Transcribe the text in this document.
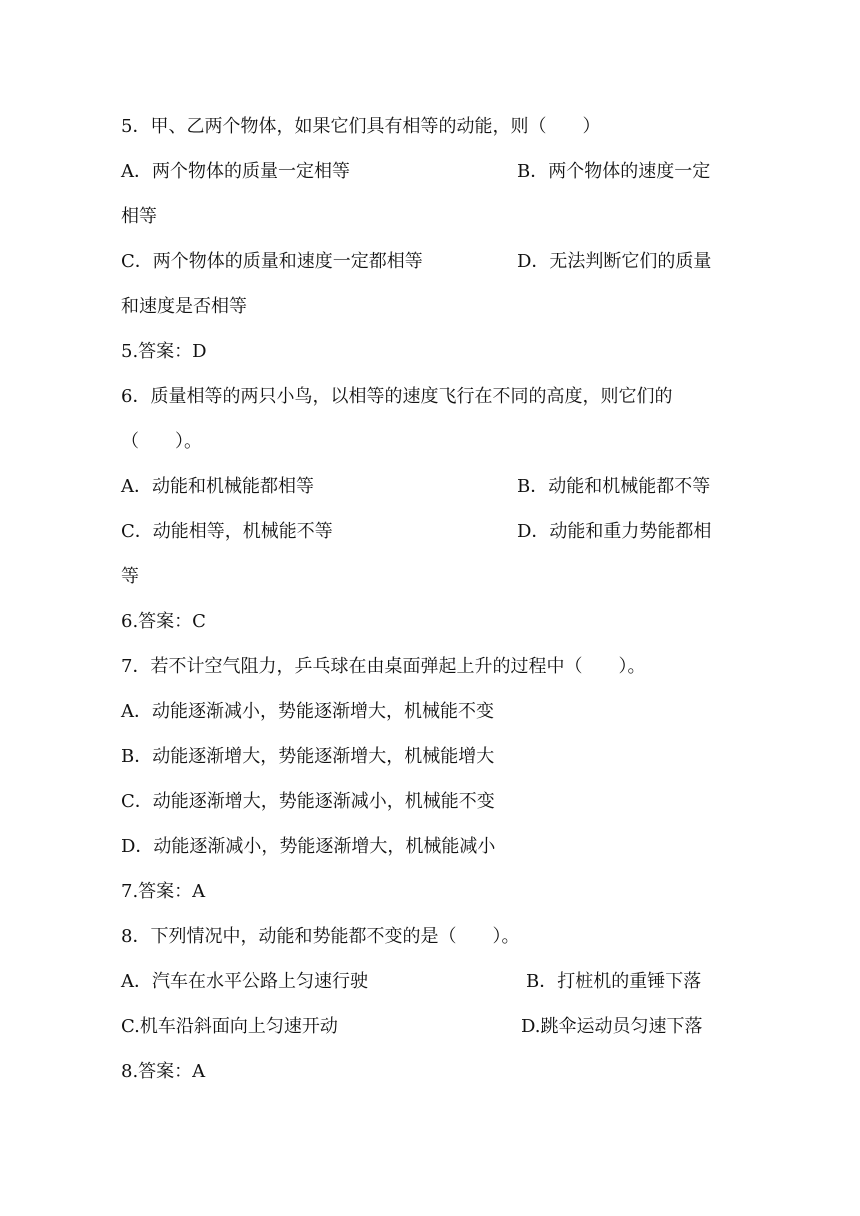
5．甲、乙两个物体，如果它们具有相等的动能，则（　　）
A．两个物体的质量一定相等	B．两个物体的速度一定
相等
C．两个物体的质量和速度一定都相等	D．无法判断它们的质量
和速度是否相等
5.答案：D
6．质量相等的两只小鸟，以相等的速度飞行在不同的高度，则它们的
（　　）。
A．动能和机械能都相等	B．动能和机械能都不等
C．动能相等，机械能不等	D．动能和重力势能都相
等
6.答案：C
7．若不计空气阻力，乒乓球在由桌面弹起上升的过程中（　　）。
A．动能逐渐减小，势能逐渐增大，机械能不变
B．动能逐渐增大，势能逐渐增大，机械能增大
C．动能逐渐增大，势能逐渐减小，机械能不变
D．动能逐渐减小，势能逐渐增大，机械能减小
7.答案：A
8．下列情况中，动能和势能都不变的是（　　）。
A．汽车在水平公路上匀速行驶	B．打桩机的重锤下落
C.机车沿斜面向上匀速开动	D.跳伞运动员匀速下落
8.答案：A
